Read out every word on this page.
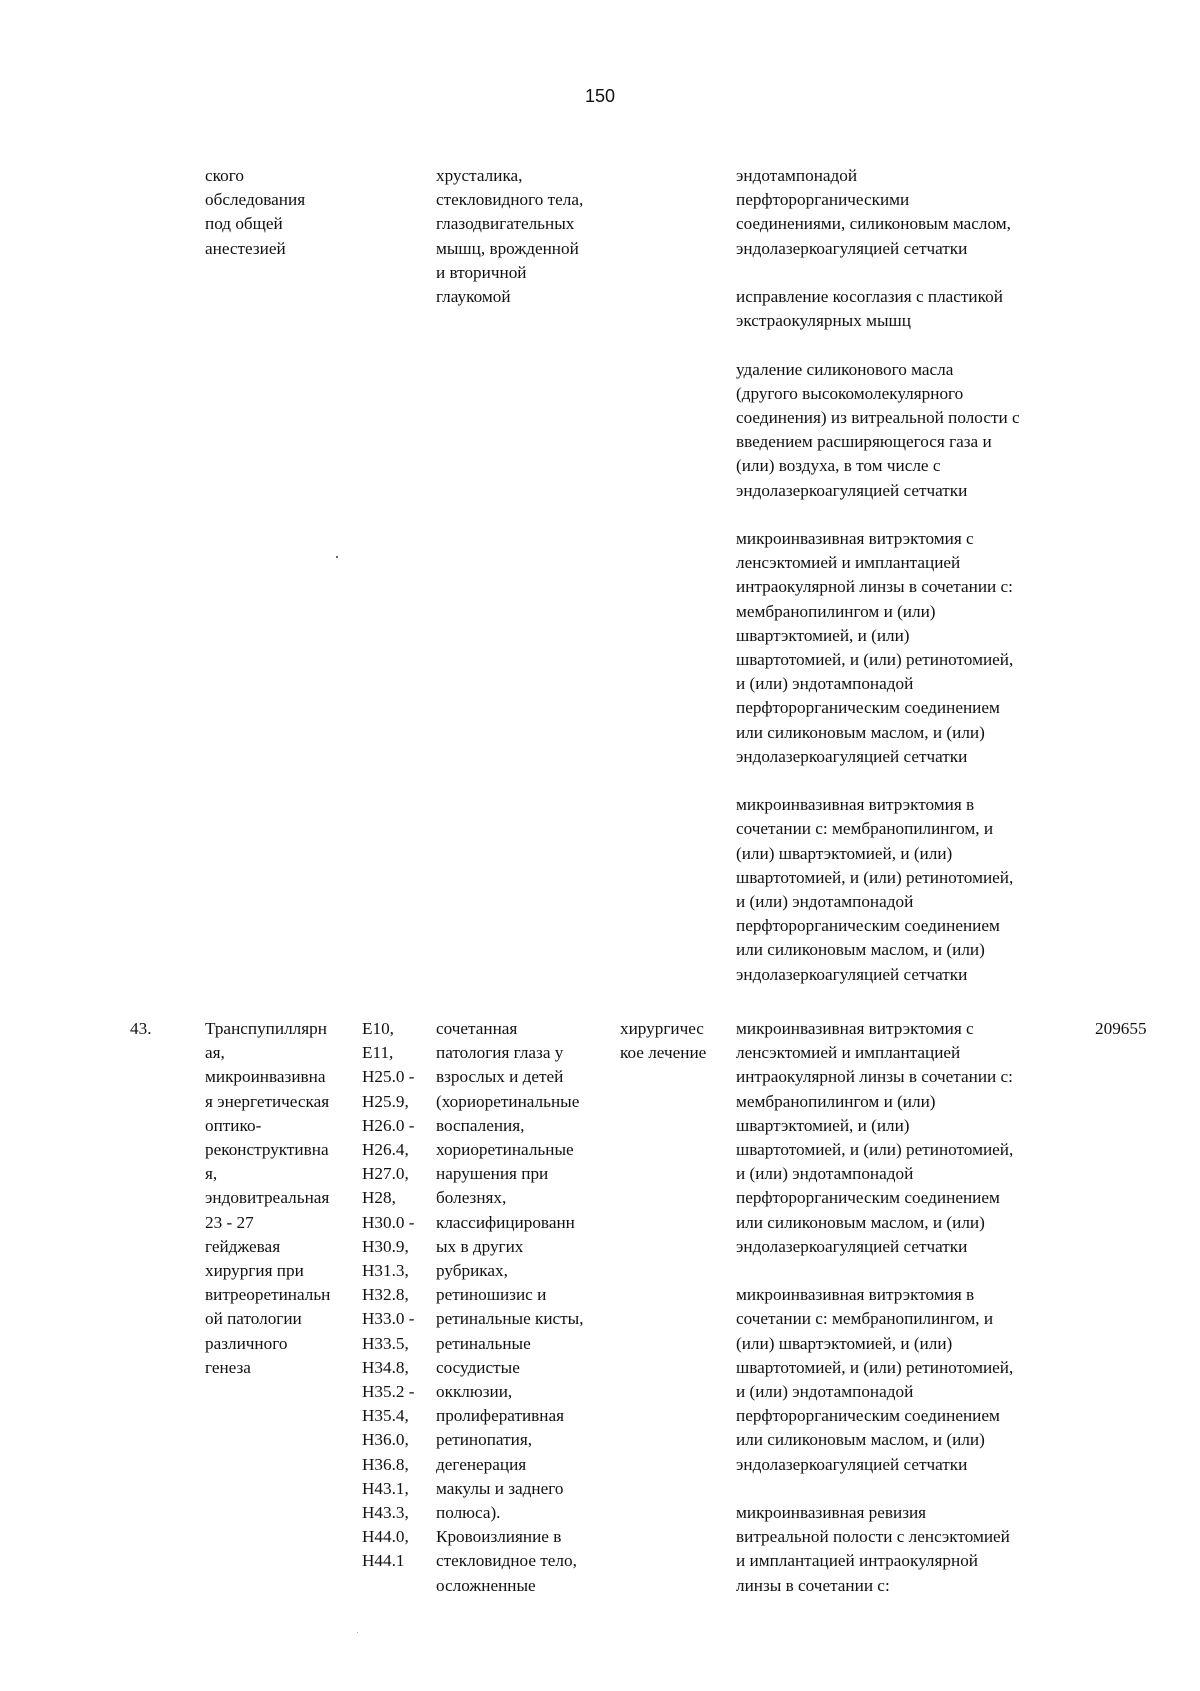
150
ского
обследования
под общей
анестезией
хрусталика,
стекловидного тела,
глазодвигательных
мышц, врожденной
и вторичной
глаукомой
эндотампонадой
перфторорганическими
соединениями, силиконовым маслом,
эндолазеркоагуляцией сетчатки
исправление косоглазия с пластикой
экстраокулярных мышц
удаление силиконового масла
(другого высокомолекулярного
соединения) из витреальной полости с
введением расширяющегося газа и
(или) воздуха, в том числе с
эндолазеркоагуляцией сетчатки
микроинвазивная витрэктомия с
ленсэктомией и имплантацией
интраокулярной линзы в сочетании с:
мембранопилингом и (или)
швартэктомией, и (или)
швартотомией, и (или) ретинотомией,
и (или) эндотампонадой
перфторорганическим соединением
или силиконовым маслом, и (или)
эндолазеркоагуляцией сетчатки
микроинвазивная витрэктомия в
сочетании с: мембранопилингом, и
(или) швартэктомией, и (или)
швартотомией, и (или) ретинотомией,
и (или) эндотампонадой
перфторорганическим соединением
или силиконовым маслом, и (или)
эндолазеркоагуляцией сетчатки
43.	Транспупиллярн
ая,
микроинвазивна
я энергетическая
оптико-
реконструктивна
я,
эндовитреальная
23 - 27
гейджевая
хирургия при
витреоретинальн
ой патологии
различного
генеза
E10,
E11,
H25.0 -
H25.9,
H26.0 -
H26.4,
H27.0,
H28,
H30.0 -
H30.9,
H31.3,
H32.8,
H33.0 -
H33.5,
H34.8,
H35.2 -
H35.4,
H36.0,
H36.8,
H43.1,
H43.3,
H44.0,
H44.1
сочетанная
патология глаза у
взрослых и детей
(хориоретинальные
воспаления,
хориоретинальные
нарушения при
болезнях,
классифицированн
ых в других
рубриках,
ретиношизис и
ретинальные кисты,
ретинальные
сосудистые
окклюзии,
пролиферативная
ретинопатия,
дегенерация
макулы и заднего
полюса).
Кровоизлияние в
стекловидное тело,
осложненные
хирургичес
кое лечение
микроинвазивная витрэктомия с
ленсэктомией и имплантацией
интраокулярной линзы в сочетании с:
мембранопилингом и (или)
швартэктомией, и (или)
швартотомией, и (или) ретинотомией,
и (или) эндотампонадой
перфторорганическим соединением
или силиконовым маслом, и (или)
эндолазеркоагуляцией сетчатки
микроинвазивная витрэктомия в
сочетании с: мембранопилингом, и
(или) швартэктомией, и (или)
швартотомией, и (или) ретинотомией,
и (или) эндотампонадой
перфторорганическим соединением
или силиконовым маслом, и (или)
эндолазеркоагуляцией сетчатки
микроинвазивная ревизия
витреальной полости с ленсэктомией
и имплантацией интраокулярной
линзы в сочетании с:
209655
